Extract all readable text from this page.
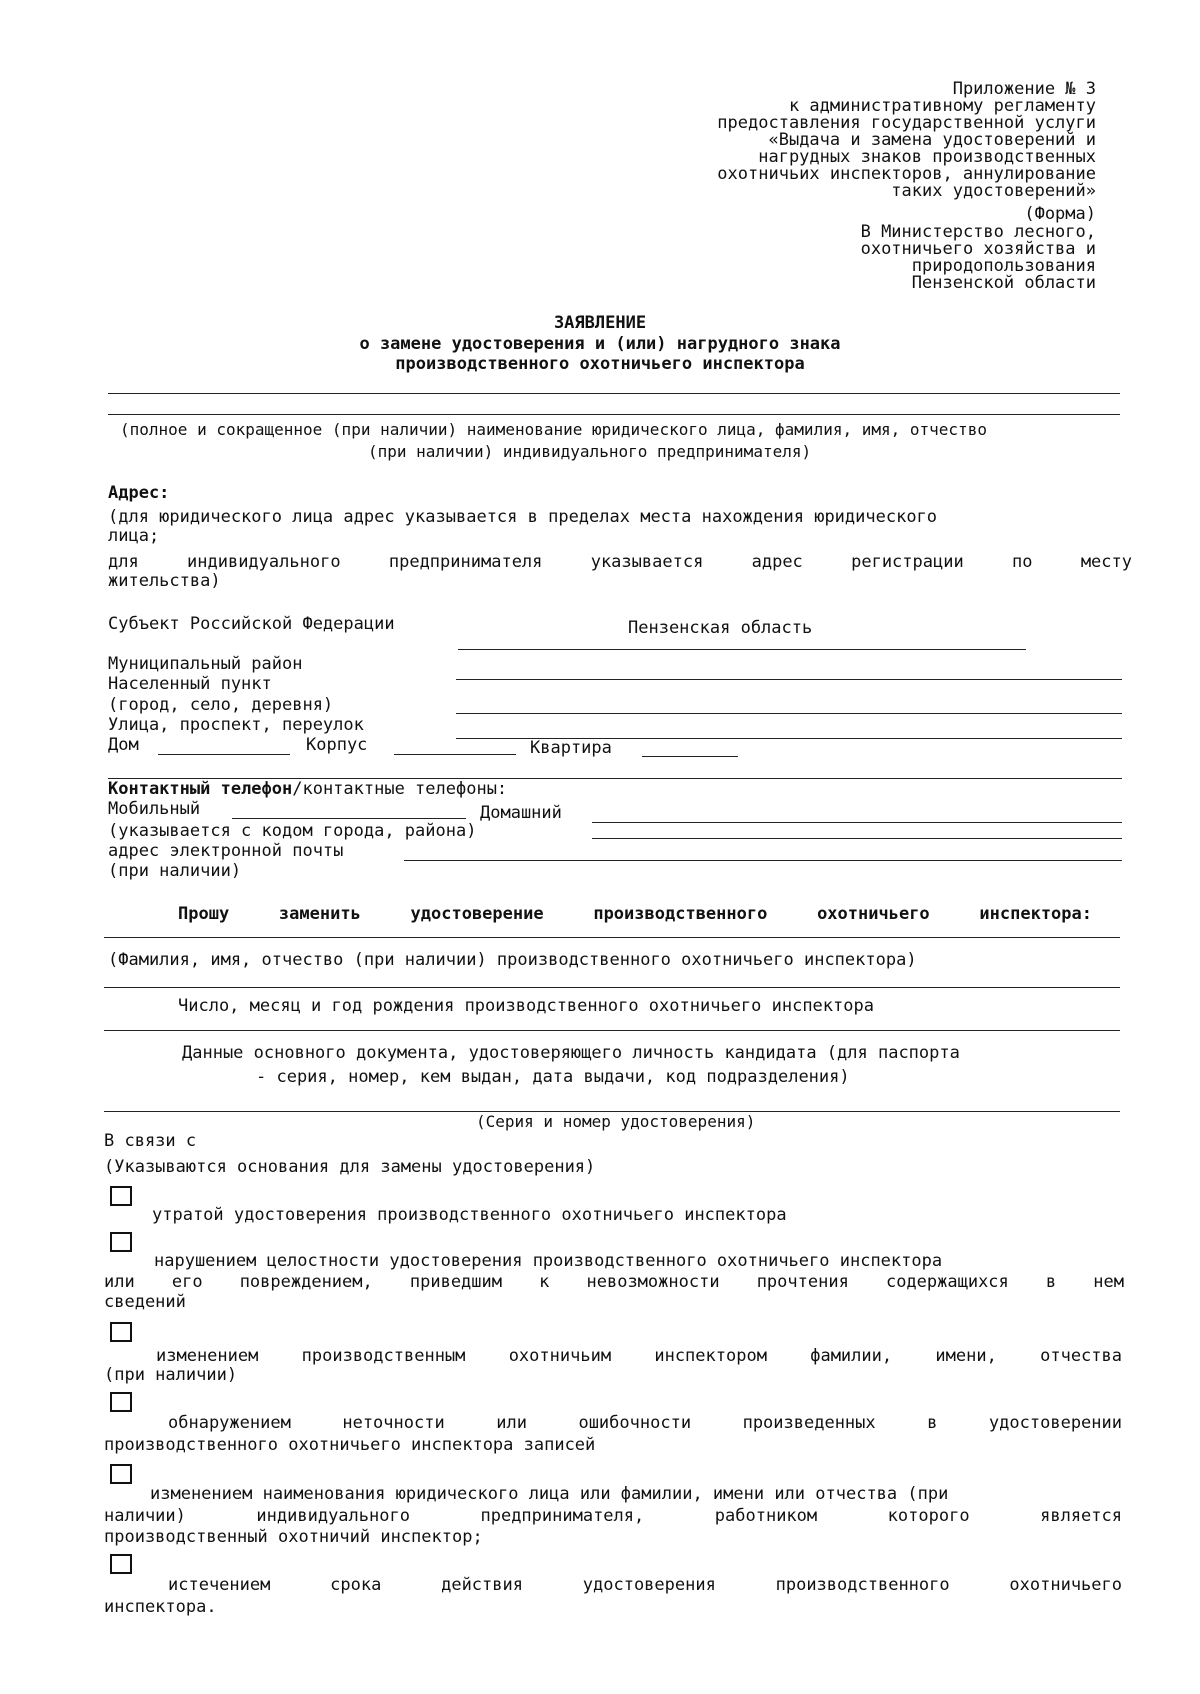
Приложение № 3
к административному регламенту
предоставления государственной услуги
«Выдача и замена удостоверений и
нагрудных знаков производственных
охотничьих инспекторов, аннулирование
таких удостоверений»
(Форма)
В Министерство лесного,
охотничьего хозяйства и
природопользования
Пензенской области
ЗАЯВЛЕНИЕ
о замене удостоверения и (или) нагрудного знака
производственного охотничьего инспектора
(полное и сокращенное (при наличии) наименование юридического лица, фамилия, имя, отчество
(при наличии) индивидуального предпринимателя)
Адрес:
(для юридического лица адрес указывается в пределах места нахождения юридического
лица;
для индивидуального предпринимателя указывается адрес регистрации по месту
жительства)
Субъект Российской Федерации	Пензенская область
Муниципальный район
Населенный пункт
(город, село, деревня)
Улица, проспект, переулок
Дом	Корпус	Квартира
Контактный телефон/контактные телефоны:
Мобильный	Домашний
(указывается с кодом города, района)
адрес электронной почты
(при наличии)
Прошу заменить удостоверение производственного охотничьего инспектора:
(Фамилия, имя, отчество (при наличии) производственного охотничьего инспектора)
Число, месяц и год рождения производственного охотничьего инспектора
Данные основного документа, удостоверяющего личность кандидата (для паспорта
- серия, номер, кем выдан, дата выдачи, код подразделения)
(Серия и номер удостоверения)
В связи с
(Указываются основания для замены удостоверения)
утратой удостоверения производственного охотничьего инспектора
нарушением целостности удостоверения производственного охотничьего инспектора
или его повреждением, приведшим к невозможности прочтения содержащихся в нем
сведений
изменением производственным охотничьим инспектором фамилии, имени, отчества
(при наличии)
обнаружением неточности или ошибочности произведенных в удостоверении
производственного охотничьего инспектора записей
изменением наименования юридического лица или фамилии, имени или отчества (при
наличии) индивидуального предпринимателя, работником которого является
производственный охотничий инспектор;
истечением срока действия удостоверения производственного охотничьего
инспектора.
